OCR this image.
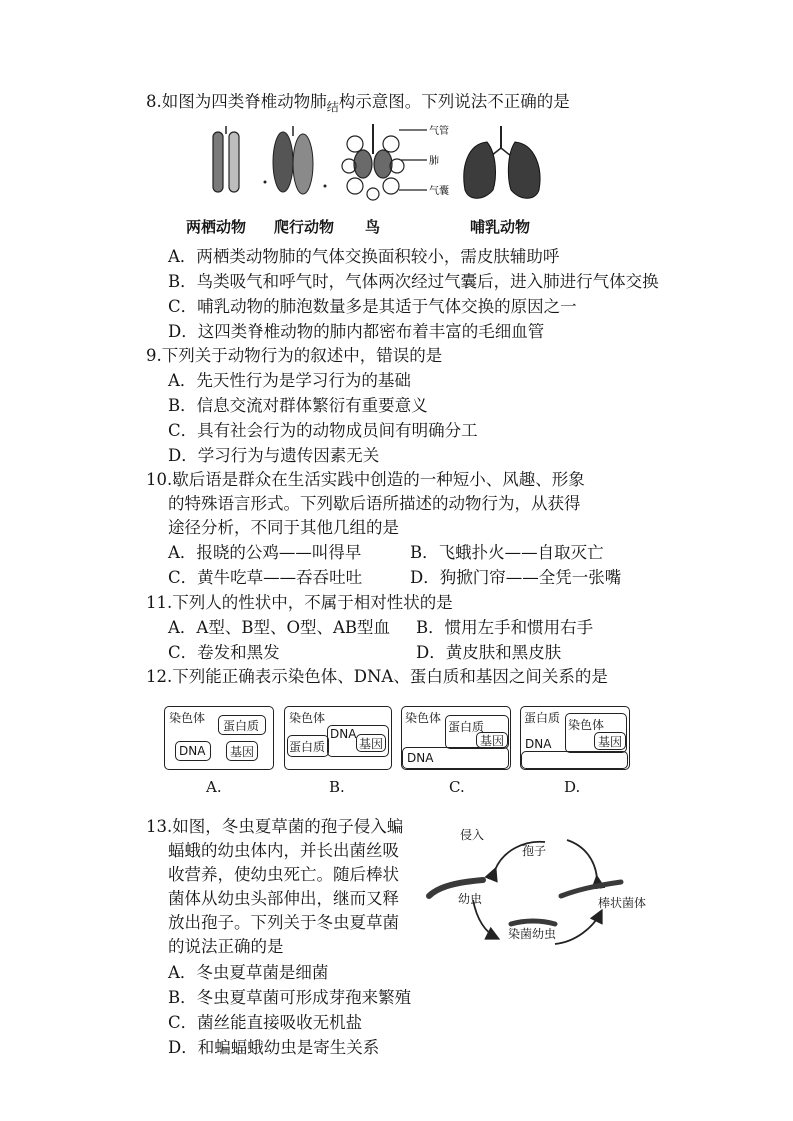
8.如图为四类脊椎动物肺$_结$构示意图。下列说法不正确的是
气管
肺
气囊
两栖动物 爬行动物 鸟	哺乳动物
A．两栖类动物肺的气体交换面积较小，需皮肤辅助呼
B．鸟类吸气和呼气时，气体两次经过气囊后，进入肺进行气体交换
C．哺乳动物的肺泡数量多是其适于气体交换的原因之一
D．这四类脊椎动物的肺内都密布着丰富的毛细血管
9.下列关于动物行为的叙述中，错误的是
A．先天性行为是学习行为的基础
B．信息交流对群体繁衍有重要意义
C．具有社会行为的动物成员间有明确分工
D．学习行为与遗传因素无关
10.歇后语是群众在生活实践中创造的一种短小、风趣、形象
的特殊语言形式。下列歇后语所描述的动物行为，从获得
途径分析，不同于其他几组的是
A．报晓的公鸡——叫得早	B．飞蛾扑火——自取灭亡
C．黄牛吃草——吞吞吐吐	D．狗掀门帘——全凭一张嘴
11.下列人的性状中，不属于相对性状的是
A．A型、B型、O型、AB型血 B．惯用左手和惯用右手
C．卷发和黑发	D．黄皮肤和黑皮肤
12.下列能正确表示染色体、DNA、蛋白质和基因之间关系的是
染色体
蛋白质
DNA 基因
染色体
蛋白质
DNA
基因
染色体
蛋白质
基因
DNA
蛋白质 染色体
基因
DNA
A.	B.	C.	D.
13.如图，冬虫夏草菌的孢子侵入蝙
蝠蛾的幼虫体内，并长出菌丝吸
收营养，使幼虫死亡。随后棒状
菌体从幼虫头部伸出，继而又释
放出孢子。下列关于冬虫夏草菌
的说法正确的是
侵入
孢子
幼虫	棒状菌体
染菌幼虫
A．冬虫夏草菌是细菌
B．冬虫夏草菌可形成芽孢来繁殖
C．菌丝能直接吸收无机盐
D．和蝙蝠蛾幼虫是寄生关系
